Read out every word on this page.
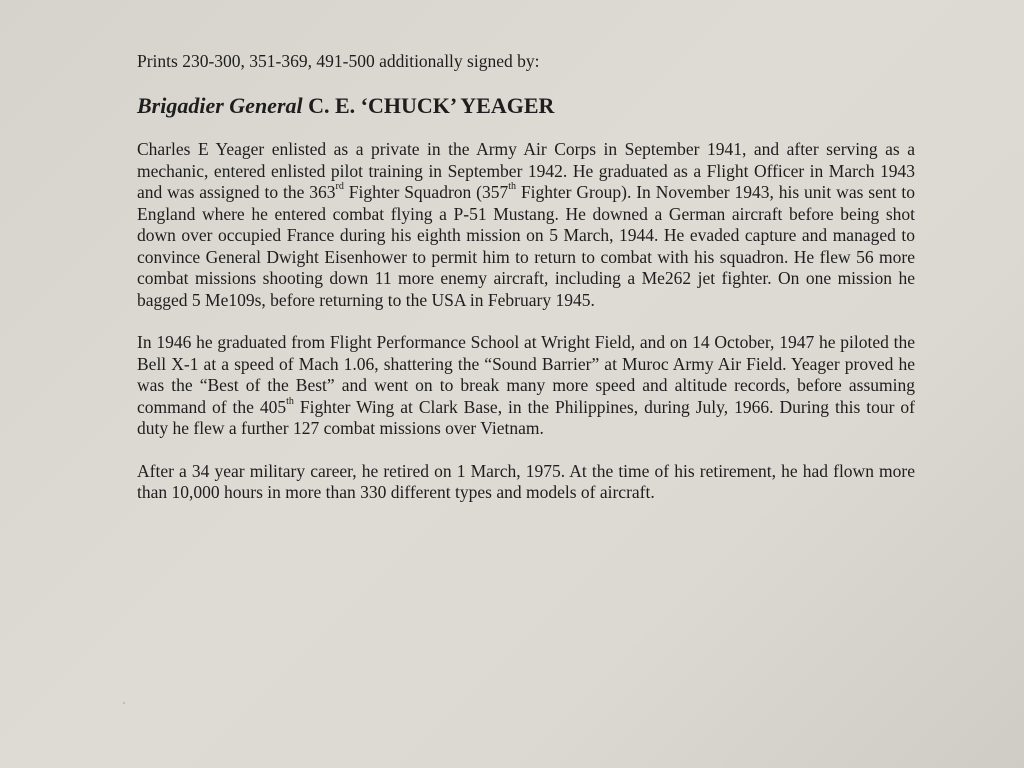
Prints 230-300, 351-369, 491-500 additionally signed by:

Brigadier General C. E. ‘CHUCK’ YEAGER

Charles E Yeager enlisted as a private in the Army Air Corps in September 1941, and after serving as a mechanic, entered enlisted pilot training in September 1942. He graduated as a Flight Officer in March 1943 and was assigned to the 363rd Fighter Squadron (357th Fighter Group). In November 1943, his unit was sent to England where he entered combat flying a P-51 Mustang. He downed a German aircraft before being shot down over occupied France during his eighth mission on 5 March, 1944. He evaded capture and managed to convince General Dwight Eisenhower to permit him to return to combat with his squadron. He flew 56 more combat missions shooting down 11 more enemy aircraft, including a Me262 jet fighter. On one mission he bagged 5 Me109s, before returning to the USA in February 1945.

In 1946 he graduated from Flight Performance School at Wright Field, and on 14 October, 1947 he piloted the Bell X-1 at a speed of Mach 1.06, shattering the “Sound Barrier” at Muroc Army Air Field. Yeager proved he was the “Best of the Best” and went on to break many more speed and altitude records, before assuming command of the 405th Fighter Wing at Clark Base, in the Philippines, during July, 1966. During this tour of duty he flew a further 127 combat missions over Vietnam.

After a 34 year military career, he retired on 1 March, 1975. At the time of his retirement, he had flown more than 10,000 hours in more than 330 different types and models of aircraft.
